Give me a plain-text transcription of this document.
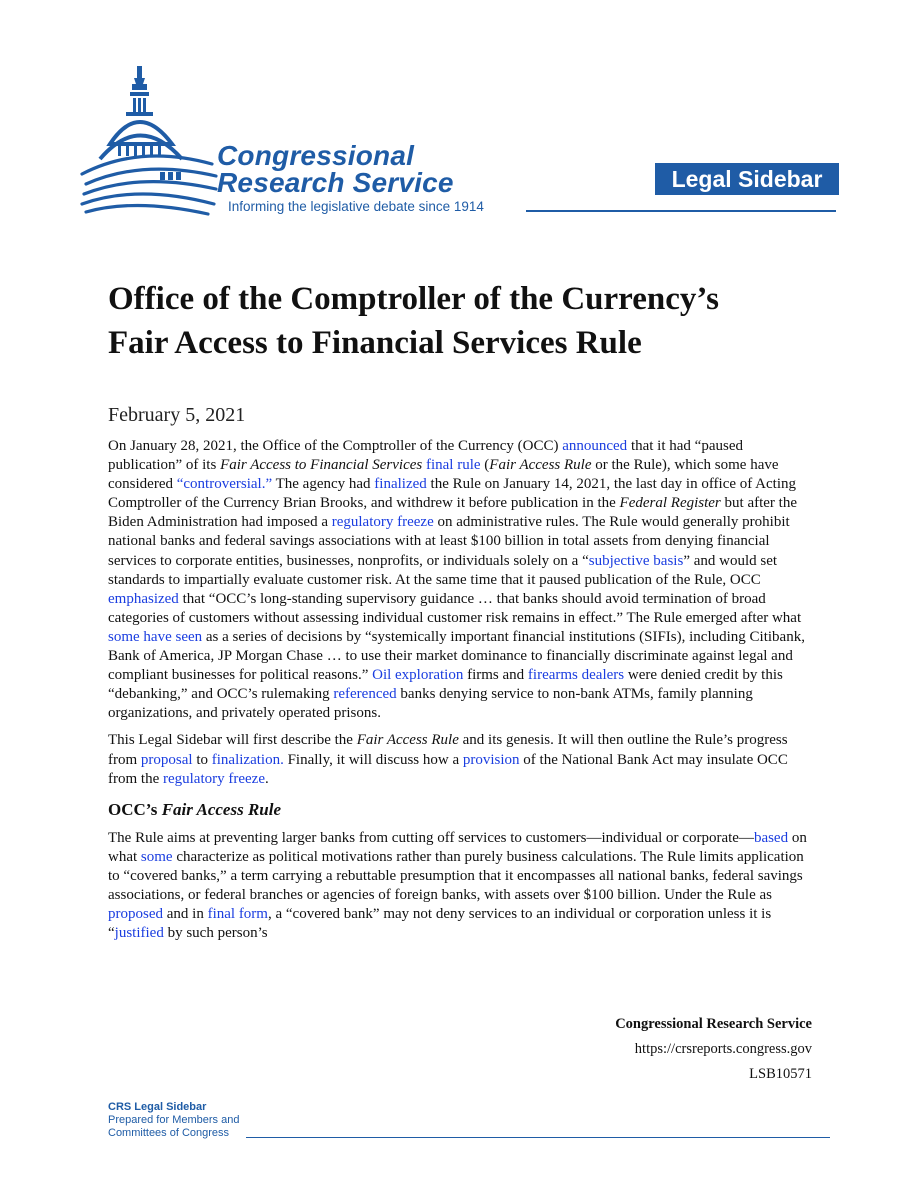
Congressional
Research Service
Informing the legislative debate since 1914
Legal Sidebar
Office of the Comptroller of the Currency’s
Fair Access to Financial Services Rule
February 5, 2021

On January 28, 2021, the Office of the Comptroller of the Currency (OCC) announced that it had “paused publication” of its Fair Access to Financial Services final rule (Fair Access Rule or the Rule), which some have considered “controversial.” The agency had finalized the Rule on January 14, 2021, the last day in office of Acting Comptroller of the Currency Brian Brooks, and withdrew it before publication in the Federal Register but after the Biden Administration had imposed a regulatory freeze on administrative rules. The Rule would generally prohibit national banks and federal savings associations with at least $100 billion in total assets from denying financial services to corporate entities, businesses, nonprofits, or individuals solely on a “subjective basis” and would set standards to impartially evaluate customer risk. At the same time that it paused publication of the Rule, OCC emphasized that “OCC’s long-standing supervisory guidance … that banks should avoid termination of broad categories of customers without assessing individual customer risk remains in effect.” The Rule emerged after what some have seen as a series of decisions by “systemically important financial institutions (SIFIs), including Citibank, Bank of America, JP Morgan Chase … to use their market dominance to financially discriminate against legal and compliant businesses for political reasons.” Oil exploration firms and firearms dealers were denied credit by this “debanking,” and OCC’s rulemaking referenced banks denying service to non-bank ATMs, family planning organizations, and privately operated prisons.

This Legal Sidebar will first describe the Fair Access Rule and its genesis. It will then outline the Rule’s progress from proposal to finalization. Finally, it will discuss how a provision of the National Bank Act may insulate OCC from the regulatory freeze.

OCC’s Fair Access Rule

The Rule aims at preventing larger banks from cutting off services to customers—individual or corporate—based on what some characterize as political motivations rather than purely business calculations. The Rule limits application to “covered banks,” a term carrying a rebuttable presumption that it encompasses all national banks, federal savings associations, or federal branches or agencies of foreign banks, with assets over $100 billion. Under the Rule as proposed and in final form, a “covered bank” may not deny services to an individual or corporation unless it is “justified by such person’s

Congressional Research Service
https://crsreports.congress.gov
LSB10571
CRS Legal Sidebar
Prepared for Members and
Committees of Congress
